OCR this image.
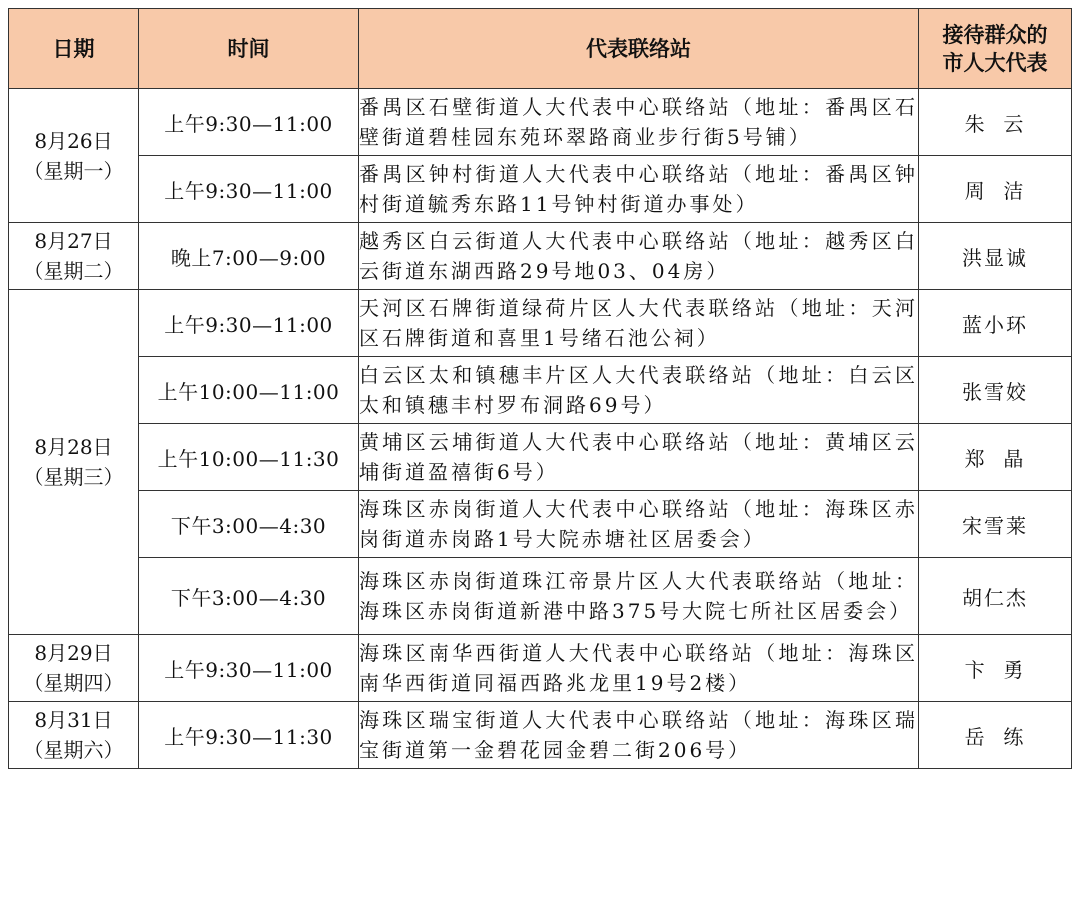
日期	时间	代表联络站	接待群众的
市人大代表

8月26日
（星期一）	上午9:30—11:00	番禺区石壁街道人大代表中心联络站（地址：番禺区石壁街道碧桂园东苑环翠路商业步行街5号铺）	朱  云
	上午9:30—11:00	番禺区钟村街道人大代表中心联络站（地址：番禺区钟村街道毓秀东路11号钟村街道办事处）	周  洁

8月27日
（星期二）	晚上7:00—9:00	越秀区白云街道人大代表中心联络站（地址：越秀区白云街道东湖西路29号地03、04房）	洪显诚

8月28日
（星期三）	上午9:30—11:00	天河区石牌街道绿荷片区人大代表联络站（地址：天河区石牌街道和喜里1号绪石池公祠）	蓝小环
	上午10:00—11:00	白云区太和镇穗丰片区人大代表联络站（地址：白云区太和镇穗丰村罗布洞路69号）	张雪姣
	上午10:00—11:30	黄埔区云埔街道人大代表中心联络站（地址：黄埔区云埔街道盈禧街6号）	郑  晶
	下午3:00—4:30	海珠区赤岗街道人大代表中心联络站（地址：海珠区赤岗街道赤岗路1号大院赤塘社区居委会）	宋雪莱
	下午3:00—4:30	海珠区赤岗街道珠江帝景片区人大代表联络站（地址：海珠区赤岗街道新港中路375号大院七所社区居委会）	胡仁杰

8月29日
（星期四）	上午9:30—11:00	海珠区南华西街道人大代表中心联络站（地址：海珠区南华西街道同福西路兆龙里19号2楼）	卞  勇

8月31日
（星期六）	上午9:30—11:30	海珠区瑞宝街道人大代表中心联络站（地址：海珠区瑞宝街道第一金碧花园金碧二街206号）	岳  练
